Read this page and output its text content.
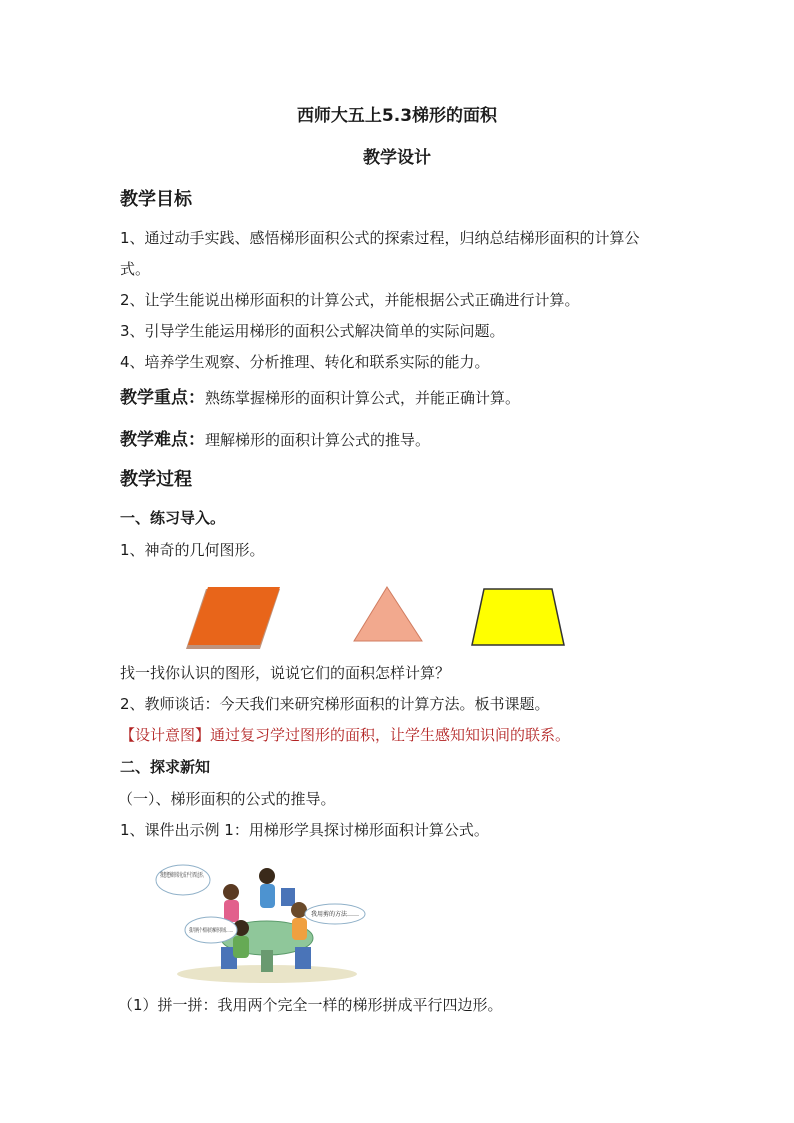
西师大五上5.3梯形的面积
教学设计
教学目标
1、通过动手实践、感悟梯形面积公式的探索过程，归纳总结梯形面积的计算公
式。
2、让学生能说出梯形面积的计算公式，并能根据公式正确进行计算。
3、引导学生能运用梯形的面积公式解决简单的实际问题。
4、培养学生观察、分析推理、转化和联系实际的能力。
教学重点：熟练掌握梯形的面积计算公式，并能正确计算。
教学难点：理解梯形的面积计算公式的推导。
教学过程
一、练习导入。
1、神奇的几何图形。
找一找你认识的图形，说说它们的面积怎样计算？
2、教师谈话：今天我们来研究梯形面积的计算方法。板书课题。
【设计意图】通过复习学过图形的面积，让学生感知知识间的联系。
二、探求新知
（一）、梯形面积的公式的推导。
1、课件出示例 1：用梯形学具探讨梯形面积计算公式。
我想把梯形转化成平行四边形。
我用剪的方法……
我用两个相同的梯形拼成……
（1）拼一拼：我用两个完全一样的梯形拼成平行四边形。
